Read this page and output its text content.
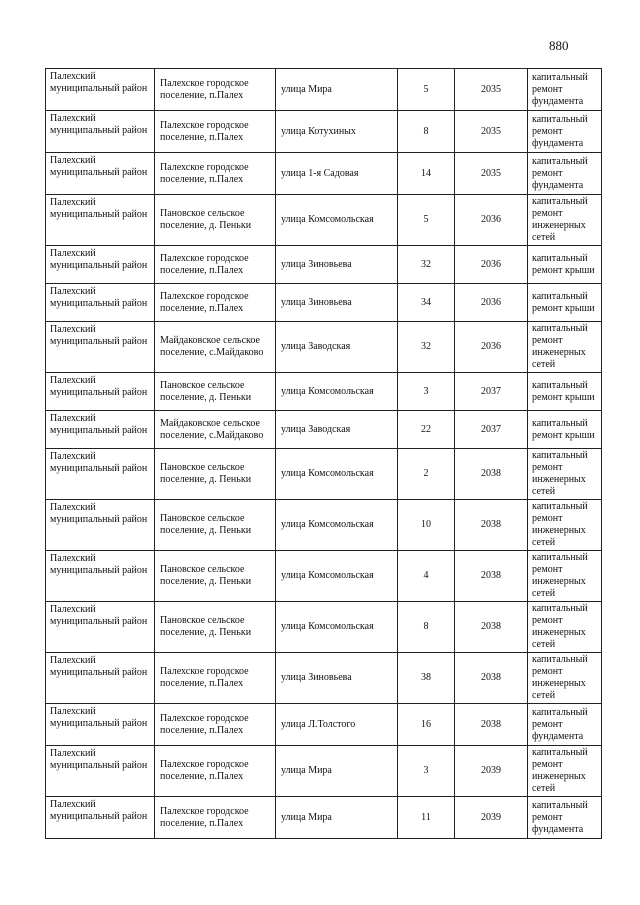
880
Палехский муниципальный район	Палехское городское поселение, п.Палех	улица Мира	5	2035	капитальный ремонт фундамента
Палехский муниципальный район	Палехское городское поселение, п.Палех	улица Котухиных	8	2035	капитальный ремонт фундамента
Палехский муниципальный район	Палехское городское поселение, п.Палех	улица 1-я Садовая	14	2035	капитальный ремонт фундамента
Палехский муниципальный район	Пановское сельское поселение, д. Пеньки	улица Комсомольская	5	2036	капитальный ремонт инженерных сетей
Палехский муниципальный район	Палехское городское поселение, п.Палех	улица Зиновьева	32	2036	капитальный ремонт крыши
Палехский муниципальный район	Палехское городское поселение, п.Палех	улица Зиновьева	34	2036	капитальный ремонт крыши
Палехский муниципальный район	Майдаковское сельское поселение, с.Майдаково	улица Заводская	32	2036	капитальный ремонт инженерных сетей
Палехский муниципальный район	Пановское сельское поселение, д. Пеньки	улица Комсомольская	3	2037	капитальный ремонт крыши
Палехский муниципальный район	Майдаковское сельское поселение, с.Майдаково	улица Заводская	22	2037	капитальный ремонт крыши
Палехский муниципальный район	Пановское сельское поселение, д. Пеньки	улица Комсомольская	2	2038	капитальный ремонт инженерных сетей
Палехский муниципальный район	Пановское сельское поселение, д. Пеньки	улица Комсомольская	10	2038	капитальный ремонт инженерных сетей
Палехский муниципальный район	Пановское сельское поселение, д. Пеньки	улица Комсомольская	4	2038	капитальный ремонт инженерных сетей
Палехский муниципальный район	Пановское сельское поселение, д. Пеньки	улица Комсомольская	8	2038	капитальный ремонт инженерных сетей
Палехский муниципальный район	Палехское городское поселение, п.Палех	улица Зиновьева	38	2038	капитальный ремонт инженерных сетей
Палехский муниципальный район	Палехское городское поселение, п.Палех	улица Л.Толстого	16	2038	капитальный ремонт фундамента
Палехский муниципальный район	Палехское городское поселение, п.Палех	улица Мира	3	2039	капитальный ремонт инженерных сетей
Палехский муниципальный район	Палехское городское поселение, п.Палех	улица Мира	11	2039	капитальный ремонт фундамента
